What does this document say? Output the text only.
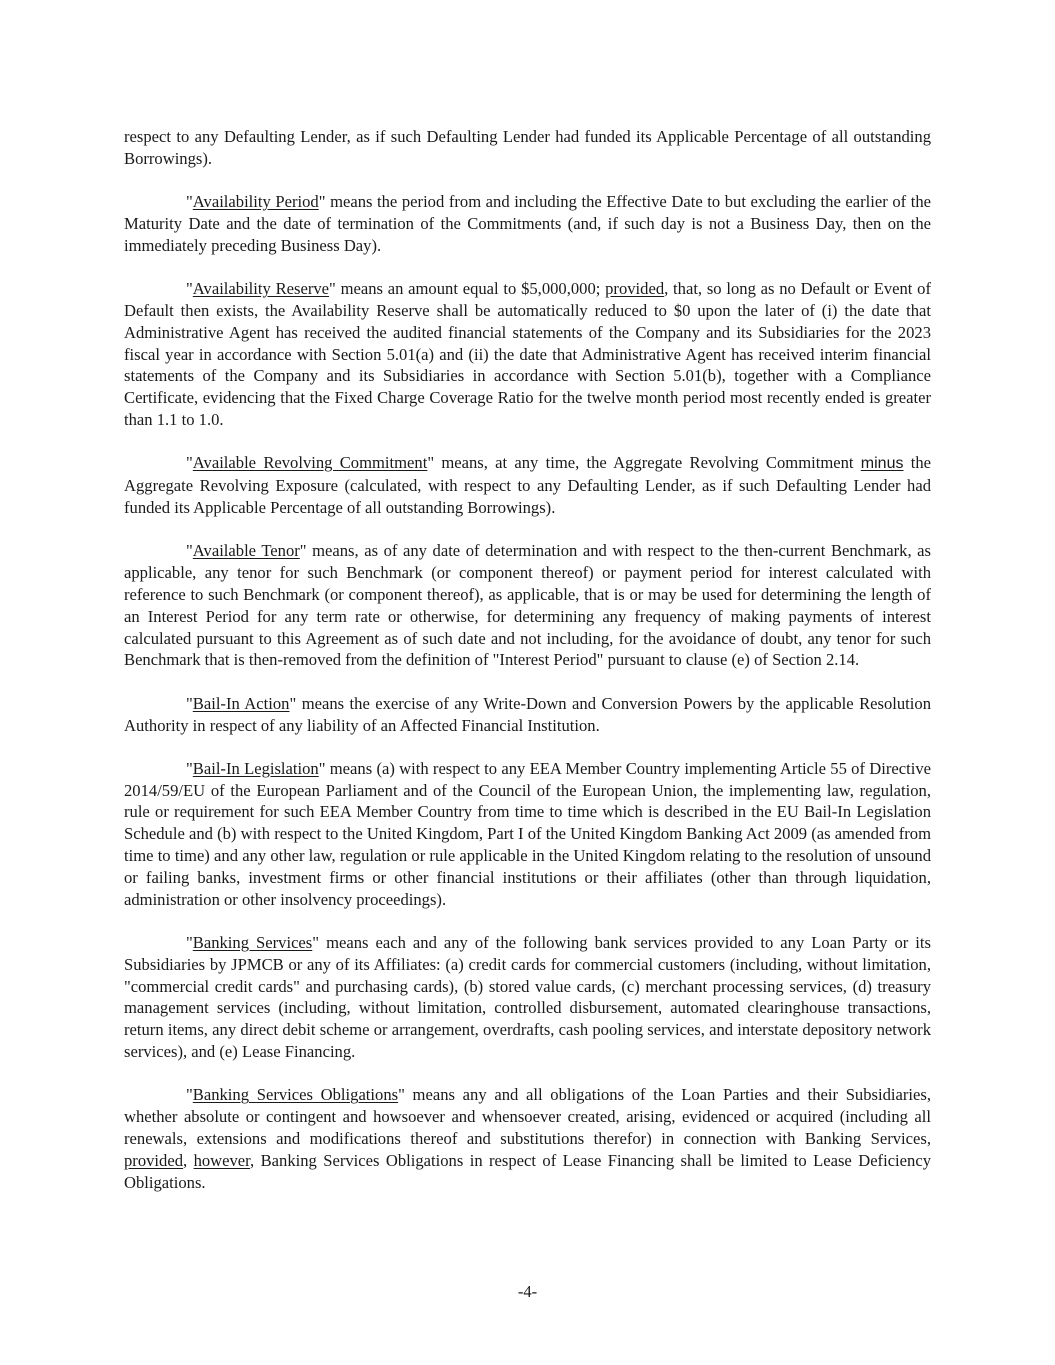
respect to any Defaulting Lender, as if such Defaulting Lender had funded its Applicable Percentage of all outstanding Borrowings).

"Availability Period" means the period from and including the Effective Date to but excluding the earlier of the Maturity Date and the date of termination of the Commitments (and, if such day is not a Business Day, then on the immediately preceding Business Day).

"Availability Reserve" means an amount equal to $5,000,000; provided, that, so long as no Default or Event of Default then exists, the Availability Reserve shall be automatically reduced to $0 upon the later of (i) the date that Administrative Agent has received the audited financial statements of the Company and its Subsidiaries for the 2023 fiscal year in accordance with Section 5.01(a) and (ii) the date that Administrative Agent has received interim financial statements of the Company and its Subsidiaries in accordance with Section 5.01(b), together with a Compliance Certificate, evidencing that the Fixed Charge Coverage Ratio for the twelve month period most recently ended is greater than 1.1 to 1.0.

"Available Revolving Commitment" means, at any time, the Aggregate Revolving Commitment minus the Aggregate Revolving Exposure (calculated, with respect to any Defaulting Lender, as if such Defaulting Lender had funded its Applicable Percentage of all outstanding Borrowings).

"Available Tenor" means, as of any date of determination and with respect to the then-current Benchmark, as applicable, any tenor for such Benchmark (or component thereof) or payment period for interest calculated with reference to such Benchmark (or component thereof), as applicable, that is or may be used for determining the length of an Interest Period for any term rate or otherwise, for determining any frequency of making payments of interest calculated pursuant to this Agreement as of such date and not including, for the avoidance of doubt, any tenor for such Benchmark that is then-removed from the definition of "Interest Period" pursuant to clause (e) of Section 2.14.

"Bail-In Action" means the exercise of any Write-Down and Conversion Powers by the applicable Resolution Authority in respect of any liability of an Affected Financial Institution.

"Bail-In Legislation" means (a) with respect to any EEA Member Country implementing Article 55 of Directive 2014/59/EU of the European Parliament and of the Council of the European Union, the implementing law, regulation, rule or requirement for such EEA Member Country from time to time which is described in the EU Bail-In Legislation Schedule and (b) with respect to the United Kingdom, Part I of the United Kingdom Banking Act 2009 (as amended from time to time) and any other law, regulation or rule applicable in the United Kingdom relating to the resolution of unsound or failing banks, investment firms or other financial institutions or their affiliates (other than through liquidation, administration or other insolvency proceedings).

"Banking Services" means each and any of the following bank services provided to any Loan Party or its Subsidiaries by JPMCB or any of its Affiliates: (a) credit cards for commercial customers (including, without limitation, "commercial credit cards" and purchasing cards), (b) stored value cards, (c) merchant processing services, (d) treasury management services (including, without limitation, controlled disbursement, automated clearinghouse transactions, return items, any direct debit scheme or arrangement, overdrafts, cash pooling services, and interstate depository network services), and (e) Lease Financing.

"Banking Services Obligations" means any and all obligations of the Loan Parties and their Subsidiaries, whether absolute or contingent and howsoever and whensoever created, arising, evidenced or acquired (including all renewals, extensions and modifications thereof and substitutions therefor) in connection with Banking Services, provided, however, Banking Services Obligations in respect of Lease Financing shall be limited to Lease Deficiency Obligations.

-4-
